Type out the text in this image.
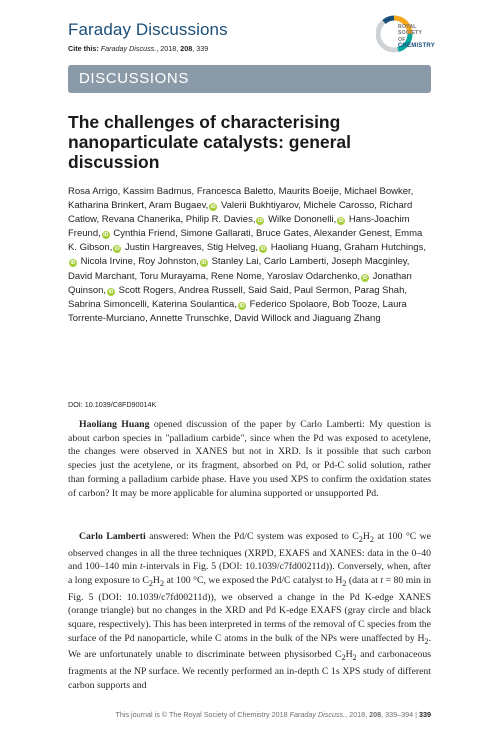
Faraday Discussions
Cite this: Faraday Discuss., 2018, 208, 339
ROYAL SOCIETY
OF
CHEMISTRY
DISCUSSIONS
The challenges of characterising nanoparticulate catalysts: general discussion
Rosa Arrigo, Kassim Badmus, Francesca Baletto, Maurits Boeije, Michael Bowker, Katharina Brinkert, Aram Bugaev, iD Valerii Bukhtiyarov, Michele Carosso, Richard Catlow, Revana Chanerika, Philip R. Davies, iD Wilke Dononelli, iD Hans-Joachim Freund, iD Cynthia Friend, Simone Gallarati, Bruce Gates, Alexander Genest, Emma K. Gibson, iD Justin Hargreaves, Stig Helveg, iD Haoliang Huang, Graham Hutchings,iD Nicola Irvine, Roy Johnston, iD Stanley Lai, Carlo Lamberti, Joseph Macginley, David Marchant, Toru Murayama, Rene Nome, Yaroslav Odarchenko, iD Jonathan Quinson, iD Scott Rogers, Andrea Russell, Said Said, Paul Sermon, Parag Shah, Sabrina Simoncelli, Katerina Soulantica, iD Federico Spolaore, Bob Tooze, Laura Torrente-Murciano, Annette Trunschke, David Willock and Jiaguang Zhang
DOI: 10.1039/C8FD90014K

Haoliang Huang opened discussion of the paper by Carlo Lamberti: My question is about carbon species in "palladium carbide", since when the Pd was exposed to acetylene, the changes were observed in XANES but not in XRD. Is it possible that such carbon species just the acetylene, or its fragment, absorbed on Pd, or Pd-C solid solution, rather than forming a palladium carbide phase. Have you used XPS to confirm the oxidation states of carbon? It may be more applicable for alumina supported or unsupported Pd.

Carlo Lamberti answered: When the Pd/C system was exposed to $C_2H_2$ at 100 °C we observed changes in all the three techniques (XRPD, EXAFS and XANES: data in the 0–40 and 100–140 min t-intervals in Fig. 5 (DOI: 10.1039/c7fd00211d)). Conversely, when, after a long exposure to $C_2H_2$ at 100 °C, we exposed the Pd/C catalyst to $H_2$ (data at t = 80 min in Fig. 5 (DOI: 10.1039/c7fd00211d)), we observed a change in the Pd K-edge XANES (orange triangle) but no changes in the XRD and Pd K-edge EXAFS (gray circle and black square, respectively). This has been interpreted in terms of the removal of C species from the surface of the Pd nanoparticle, while C atoms in the bulk of the NPs were unaffected by $H_2$. We are unfortunately unable to discriminate between physisorbed $C_2H_2$ and carbonaceous fragments at the NP surface. We recently performed an in-depth C 1s XPS study of different carbon supports and

This journal is © The Royal Society of Chemistry 2018 Faraday Discuss., 2018, 208, 339–394 | 339
